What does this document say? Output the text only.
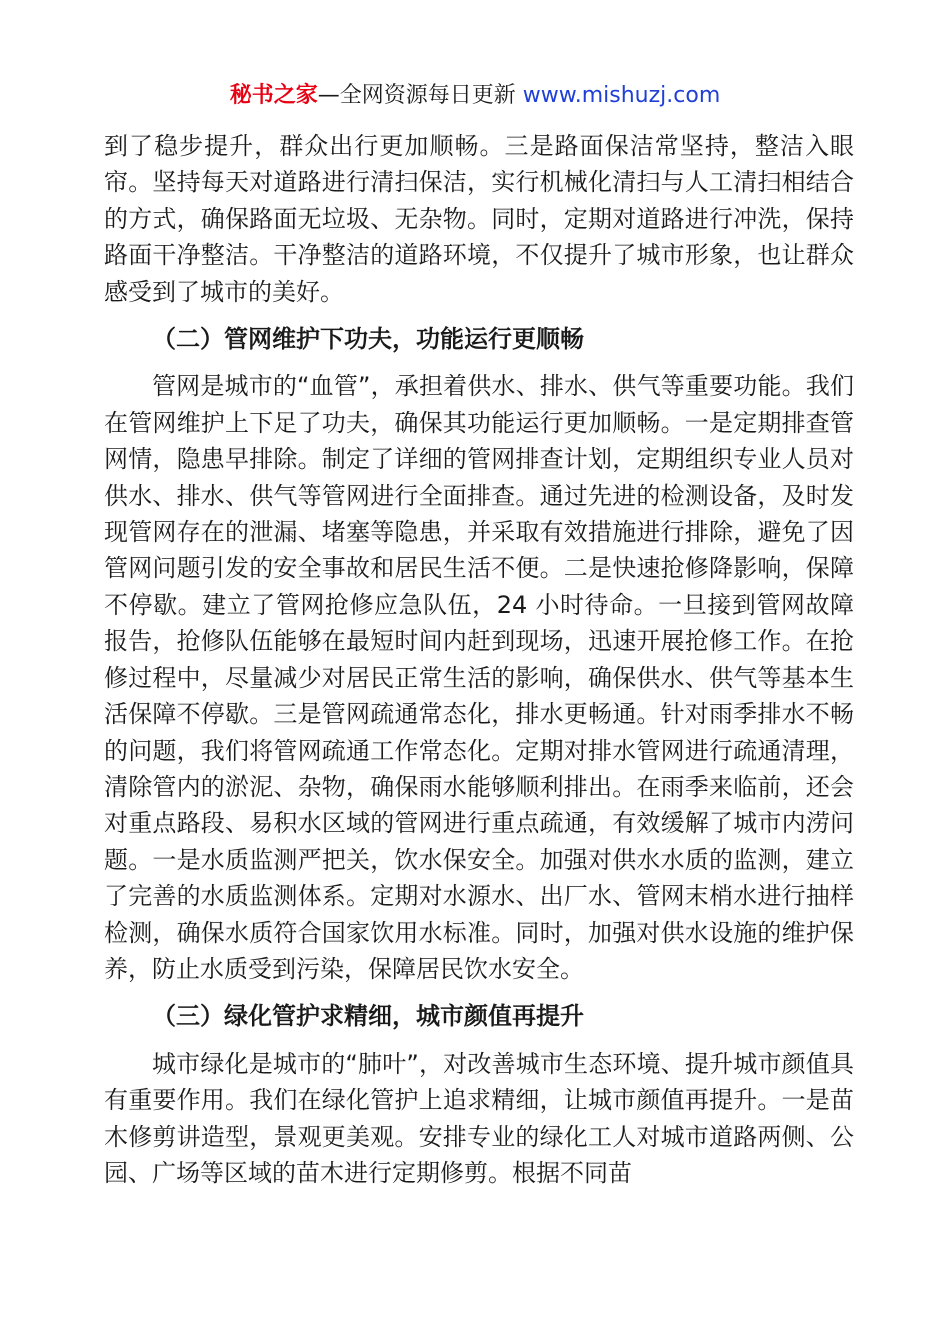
秘书之家—全网资源每日更新 www.mishuzj.com

到了稳步提升，群众出行更加顺畅。三是路面保洁常坚持，整洁入眼帘。坚持每天对道路进行清扫保洁，实行机械化清扫与人工清扫相结合的方式，确保路面无垃圾、无杂物。同时，定期对道路进行冲洗，保持路面干净整洁。干净整洁的道路环境，不仅提升了城市形象，也让群众感受到了城市的美好。

（二）管网维护下功夫，功能运行更顺畅

管网是城市的“血管”，承担着供水、排水、供气等重要功能。我们在管网维护上下足了功夫，确保其功能运行更加顺畅。一是定期排查管网情，隐患早排除。制定了详细的管网排查计划，定期组织专业人员对供水、排水、供气等管网进行全面排查。通过先进的检测设备，及时发现管网存在的泄漏、堵塞等隐患，并采取有效措施进行排除，避免了因管网问题引发的安全事故和居民生活不便。二是快速抢修降影响，保障不停歇。建立了管网抢修应急队伍，24 小时待命。一旦接到管网故障报告，抢修队伍能够在最短时间内赶到现场，迅速开展抢修工作。在抢修过程中，尽量减少对居民正常生活的影响，确保供水、供气等基本生活保障不停歇。三是管网疏通常态化，排水更畅通。针对雨季排水不畅的问题，我们将管网疏通工作常态化。定期对排水管网进行疏通清理，清除管内的淤泥、杂物，确保雨水能够顺利排出。在雨季来临前，还会对重点路段、易积水区域的管网进行重点疏通，有效缓解了城市内涝问题。一是水质监测严把关，饮水保安全。加强对供水水质的监测，建立了完善的水质监测体系。定期对水源水、出厂水、管网末梢水进行抽样检测，确保水质符合国家饮用水标准。同时，加强对供水设施的维护保养，防止水质受到污染，保障居民饮水安全。

（三）绿化管护求精细，城市颜值再提升

城市绿化是城市的“肺叶”，对改善城市生态环境、提升城市颜值具有重要作用。我们在绿化管护上追求精细，让城市颜值再提升。一是苗木修剪讲造型，景观更美观。安排专业的绿化工人对城市道路两侧、公园、广场等区域的苗木进行定期修剪。根据不同苗
